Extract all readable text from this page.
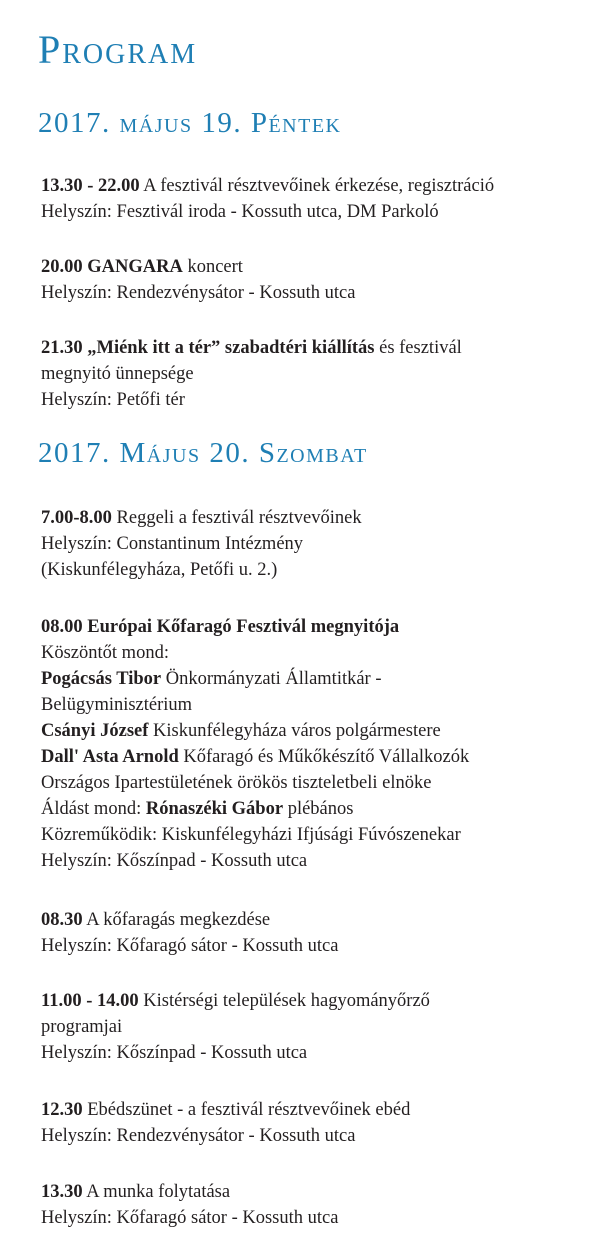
Program
2017. május 19. Péntek
13.30 - 22.00 A fesztivál résztvevőinek érkezése, regisztráció
Helyszín: Fesztivál iroda - Kossuth utca, DM Parkoló
20.00 GANGARA koncert
Helyszín: Rendezvénysátor - Kossuth utca
21.30 „Miénk itt a tér” szabadtéri kiállítás és fesztivál
megnyitó ünnepsége
Helyszín: Petőfi tér
2017. Május 20. Szombat
7.00-8.00 Reggeli a fesztivál résztvevőinek
Helyszín: Constantinum Intézmény
(Kiskunfélegyháza, Petőfi u. 2.)
08.00 Európai Kőfaragó Fesztivál megnyitója
Köszöntőt mond:
Pogácsás Tibor Önkormányzati Államtitkár -
Belügyminisztérium
Csányi József Kiskunfélegyháza város polgármestere
Dall' Asta Arnold Kőfaragó és Műkőkészítő Vállalkozók
Országos Ipartestületének örökös tiszteletbeli elnöke
Áldást mond: Rónaszéki Gábor plébános
Közreműködik: Kiskunfélegyházi Ifjúsági Fúvószenekar
Helyszín: Kőszínpad - Kossuth utca
08.30 A kőfaragás megkezdése
Helyszín: Kőfaragó sátor - Kossuth utca
11.00 - 14.00 Kistérségi települések hagyományőrző
programjai
Helyszín: Kőszínpad - Kossuth utca
12.30 Ebédszünet - a fesztivál résztvevőinek ebéd
Helyszín: Rendezvénysátor - Kossuth utca
13.30 A munka folytatása
Helyszín: Kőfaragó sátor - Kossuth utca
